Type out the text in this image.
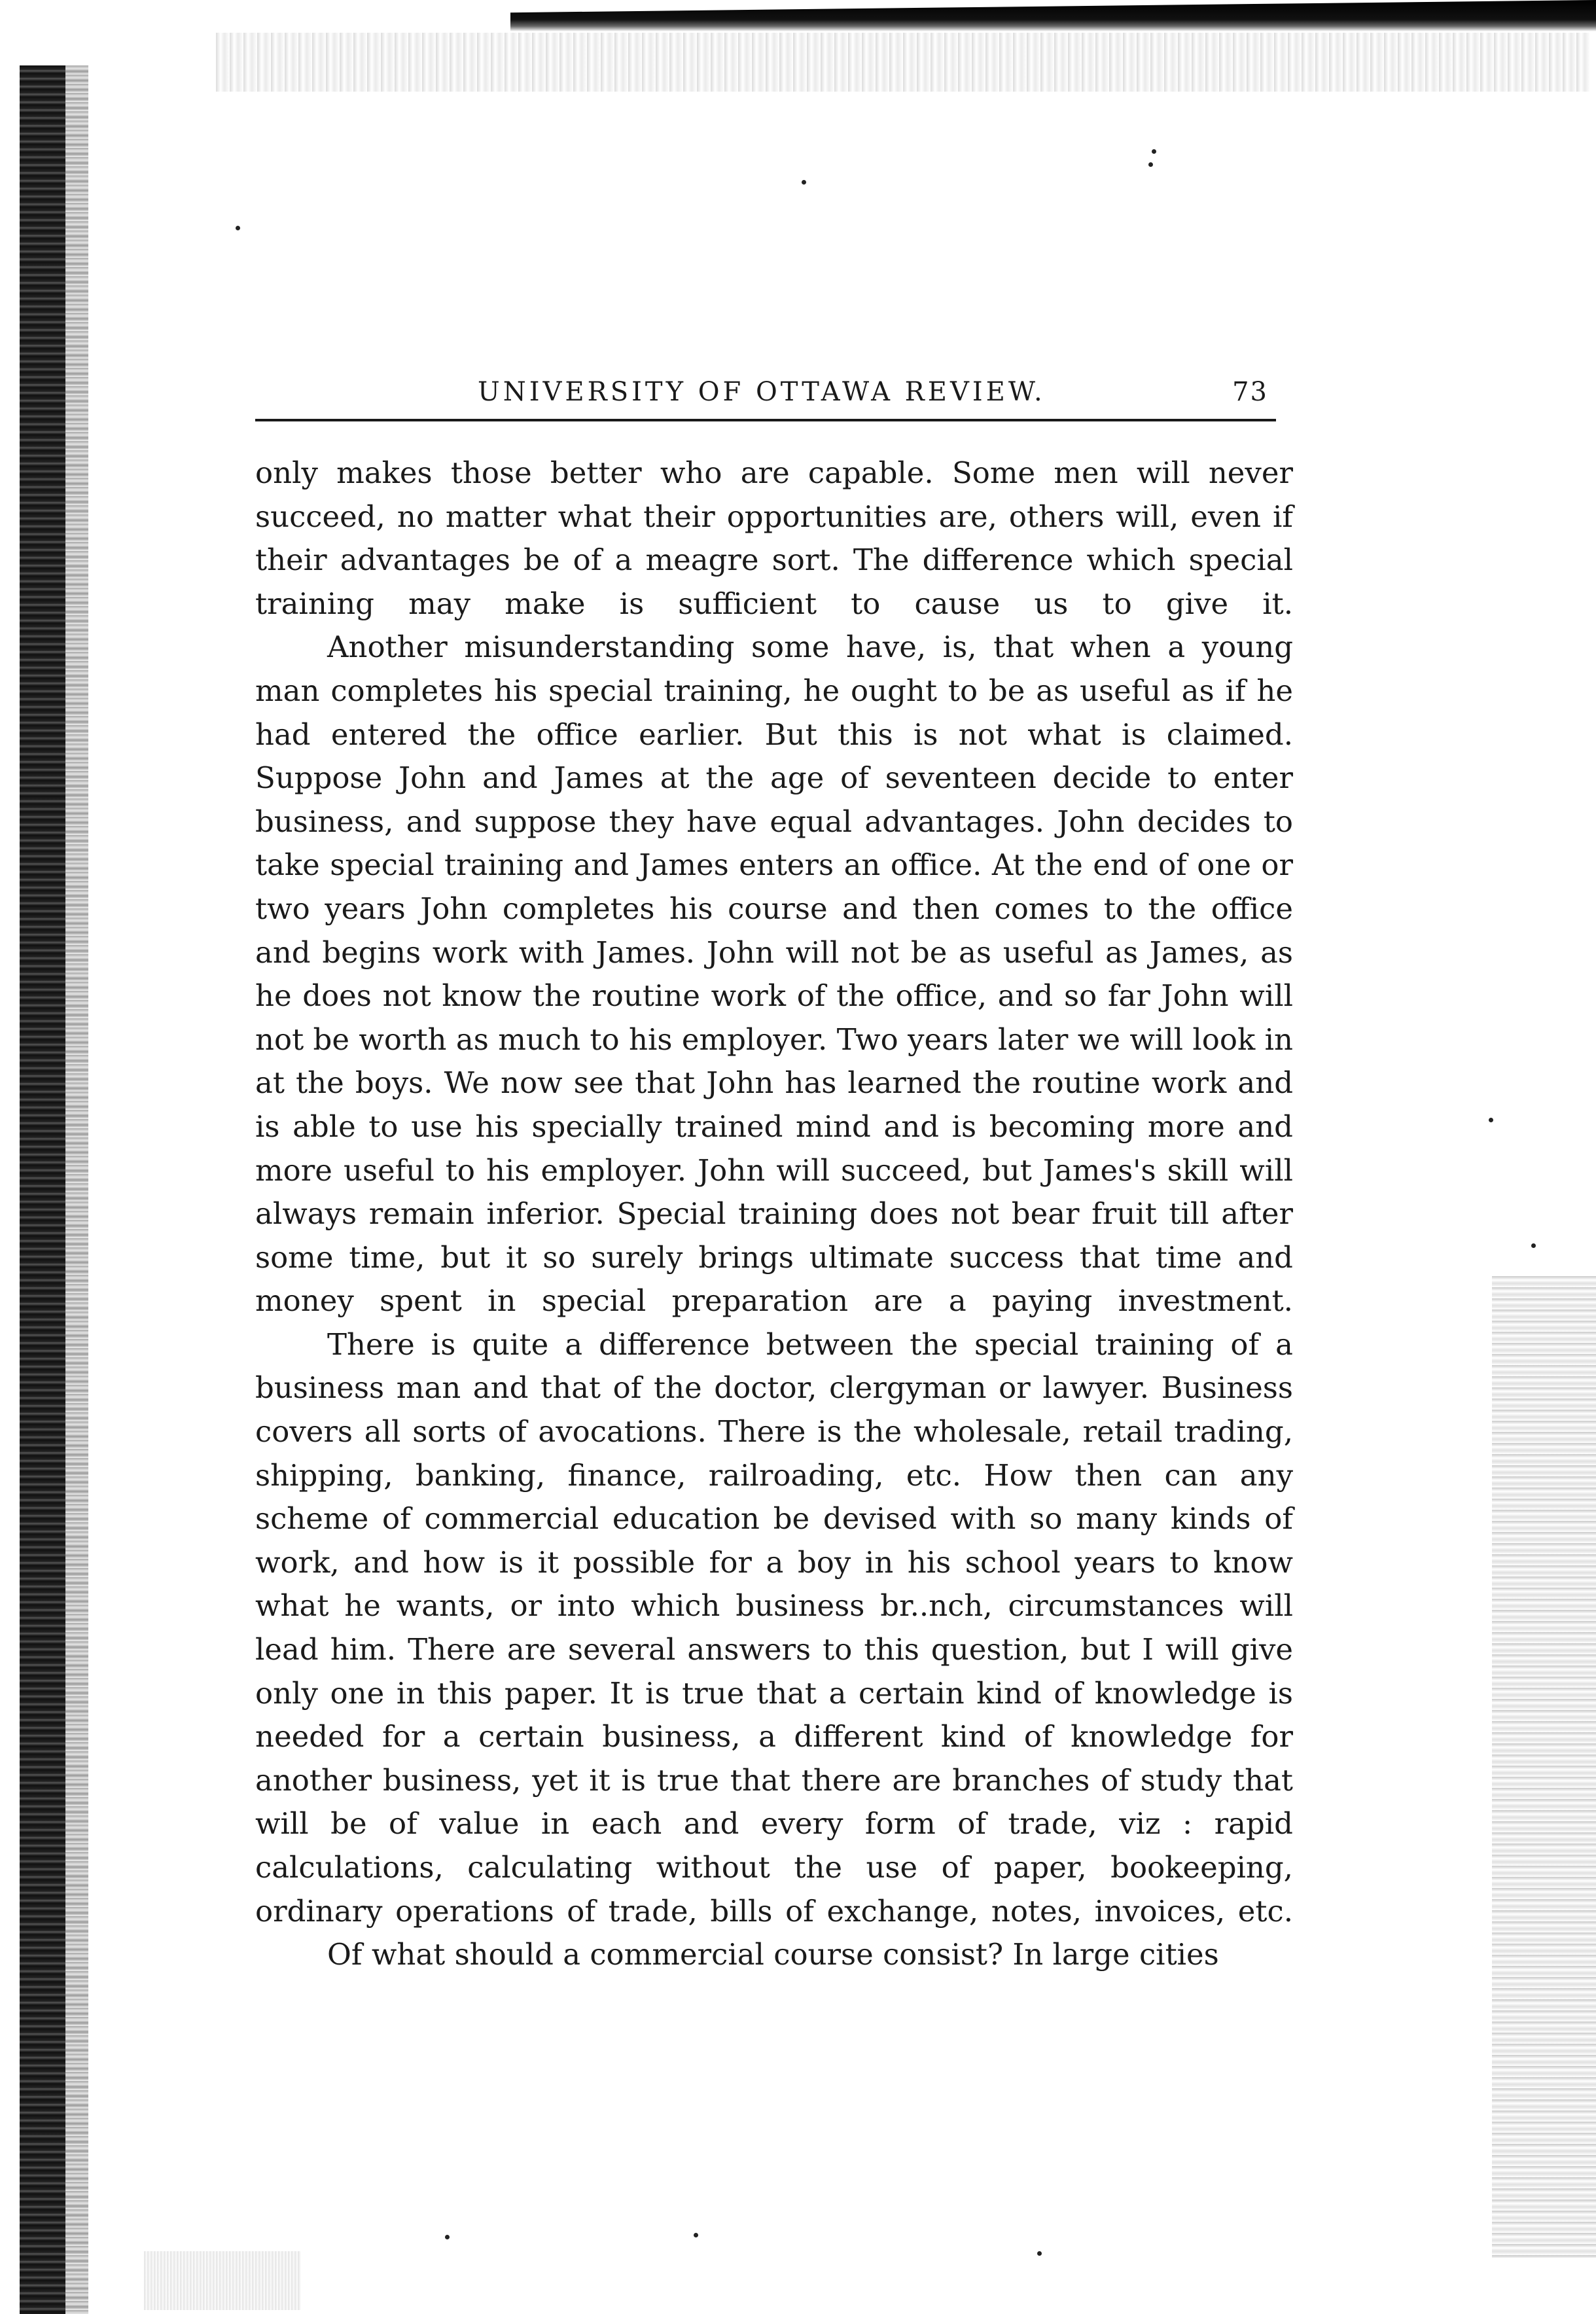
UNIVERSITY OF OTTAWA REVIEW.	73

only makes those better who are capable. Some men will never succeed, no matter what their opportunities are, others will, even if their advantages be of a meagre sort. The difference which special training may make is sufficient to cause us to give it.

Another misunderstanding some have, is, that when a young man completes his special training, he ought to be as useful as if he had entered the office earlier. But this is not what is claimed. Suppose John and James at the age of seventeen decide to enter business, and suppose they have equal advantages. John decides to take special training and James enters an office. At the end of one or two years John completes his course and then comes to the office and begins work with James. John will not be as useful as James, as he does not know the routine work of the office, and so far John will not be worth as much to his employer. Two years later we will look in at the boys. We now see that John has learned the routine work and is able to use his specially trained mind and is becoming more and more useful to his employer. John will succeed, but James's skill will always remain inferior. Special training does not bear fruit till after some time, but it so surely brings ultimate success that time and money spent in special preparation are a paying investment.

There is quite a difference between the special training of a business man and that of the doctor, clergyman or lawyer. Business covers all sorts of avocations. There is the wholesale, retail trading, shipping, banking, finance, railroading, etc. How then can any scheme of commercial education be devised with so many kinds of work, and how is it possible for a boy in his school years to know what he wants, or into which business br..nch, circumstances will lead him. There are several answers to this question, but I will give only one in this paper. It is true that a certain kind of knowledge is needed for a certain business, a different kind of knowledge for another business, yet it is true that there are branches of study that will be of value in each and every form of trade, viz : rapid calculations, calculating without the use of paper, bookeeping, ordinary operations of trade, bills of exchange, notes, invoices, etc.

Of what should a commercial course consist? In large cities
